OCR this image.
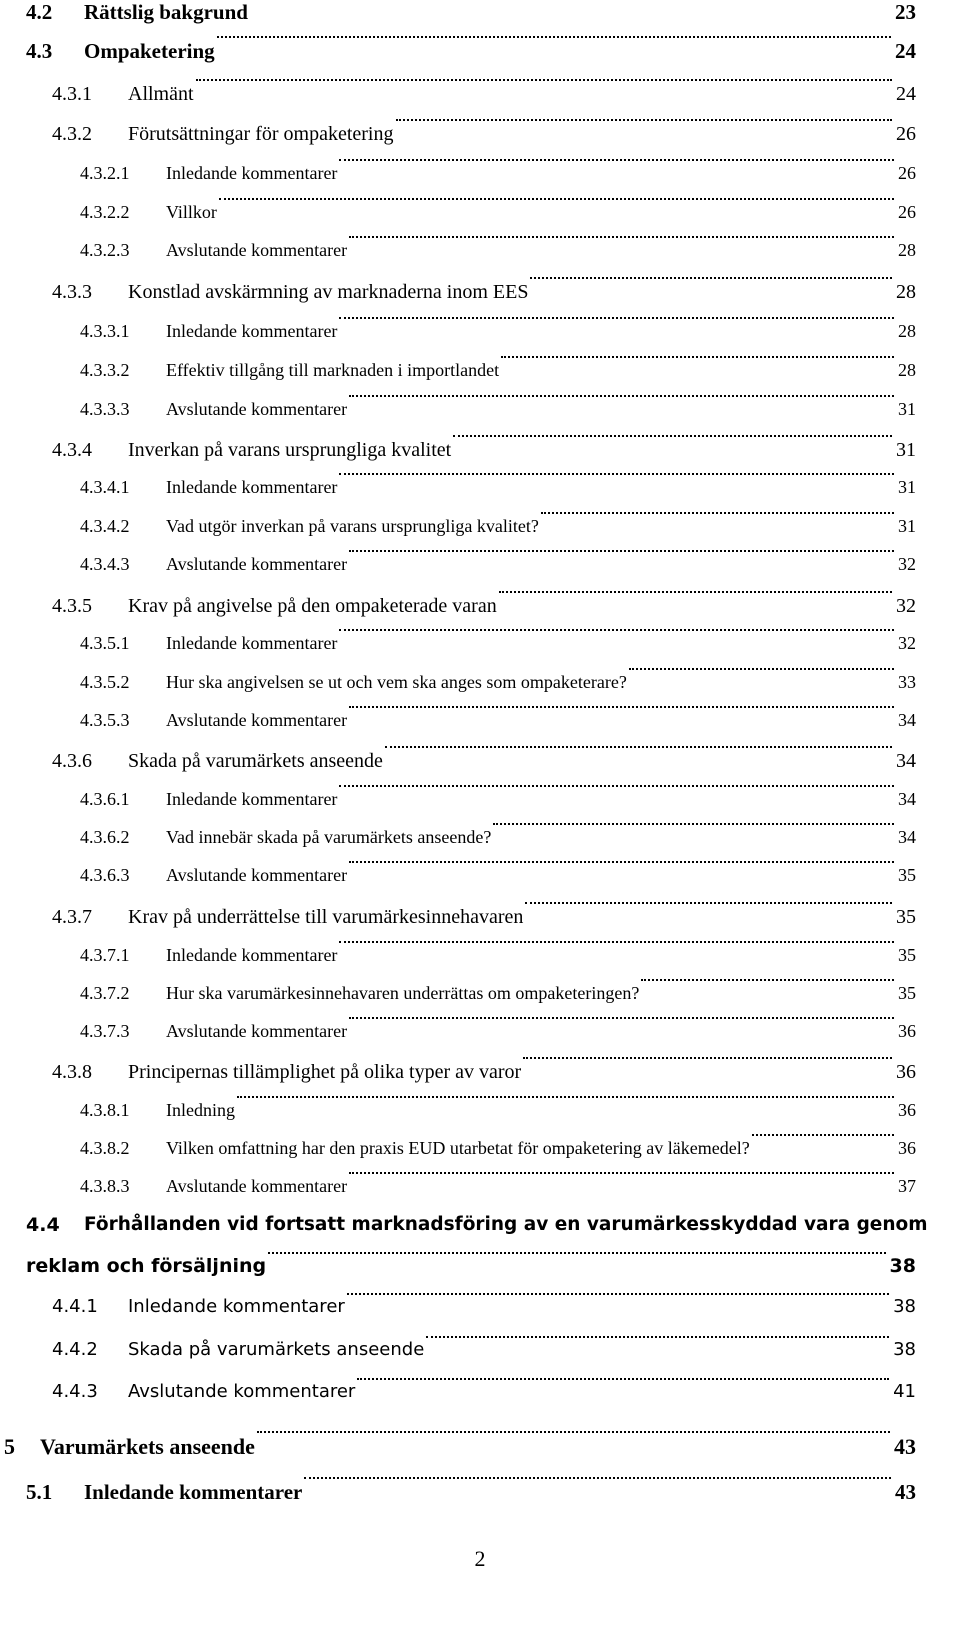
4.2 Rättslig bakgrund	23
4.3 Ompaketering	24
4.3.1 Allmänt	24
4.3.2 Förutsättningar för ompaketering	26
4.3.2.1 Inledande kommentarer	26
4.3.2.2 Villkor	26
4.3.2.3 Avslutande kommentarer	28
4.3.3 Konstlad avskärmning av marknaderna inom EES	28
4.3.3.1 Inledande kommentarer	28
4.3.3.2 Effektiv tillgång till marknaden i importlandet	28
4.3.3.3 Avslutande kommentarer	31
4.3.4 Inverkan på varans ursprungliga kvalitet	31
4.3.4.1 Inledande kommentarer	31
4.3.4.2 Vad utgör inverkan på varans ursprungliga kvalitet?	31
4.3.4.3 Avslutande kommentarer	32
4.3.5 Krav på angivelse på den ompaketerade varan	32
4.3.5.1 Inledande kommentarer	32
4.3.5.2 Hur ska angivelsen se ut och vem ska anges som ompaketerare?	33
4.3.5.3 Avslutande kommentarer	34
4.3.6 Skada på varumärkets anseende	34
4.3.6.1 Inledande kommentarer	34
4.3.6.2 Vad innebär skada på varumärkets anseende?	34
4.3.6.3 Avslutande kommentarer	35
4.3.7 Krav på underrättelse till varumärkesinnehavaren	35
4.3.7.1 Inledande kommentarer	35
4.3.7.2 Hur ska varumärkesinnehavaren underrättas om ompaketeringen?	35
4.3.7.3 Avslutande kommentarer	36
4.3.8 Principernas tillämplighet på olika typer av varor	36
4.3.8.1 Inledning	36
4.3.8.2 Vilken omfattning har den praxis EUD utarbetat för ompaketering av läkemedel?	36
4.3.8.3 Avslutande kommentarer	37
4.4 Förhållanden vid fortsatt marknadsföring av en varumärkesskyddad vara genom
reklam och försäljning	38
4.4.1 Inledande kommentarer	38
4.4.2 Skada på varumärkets anseende	38
4.4.3 Avslutande kommentarer	41
5 Varumärkets anseende	43
5.1 Inledande kommentarer	43
2
